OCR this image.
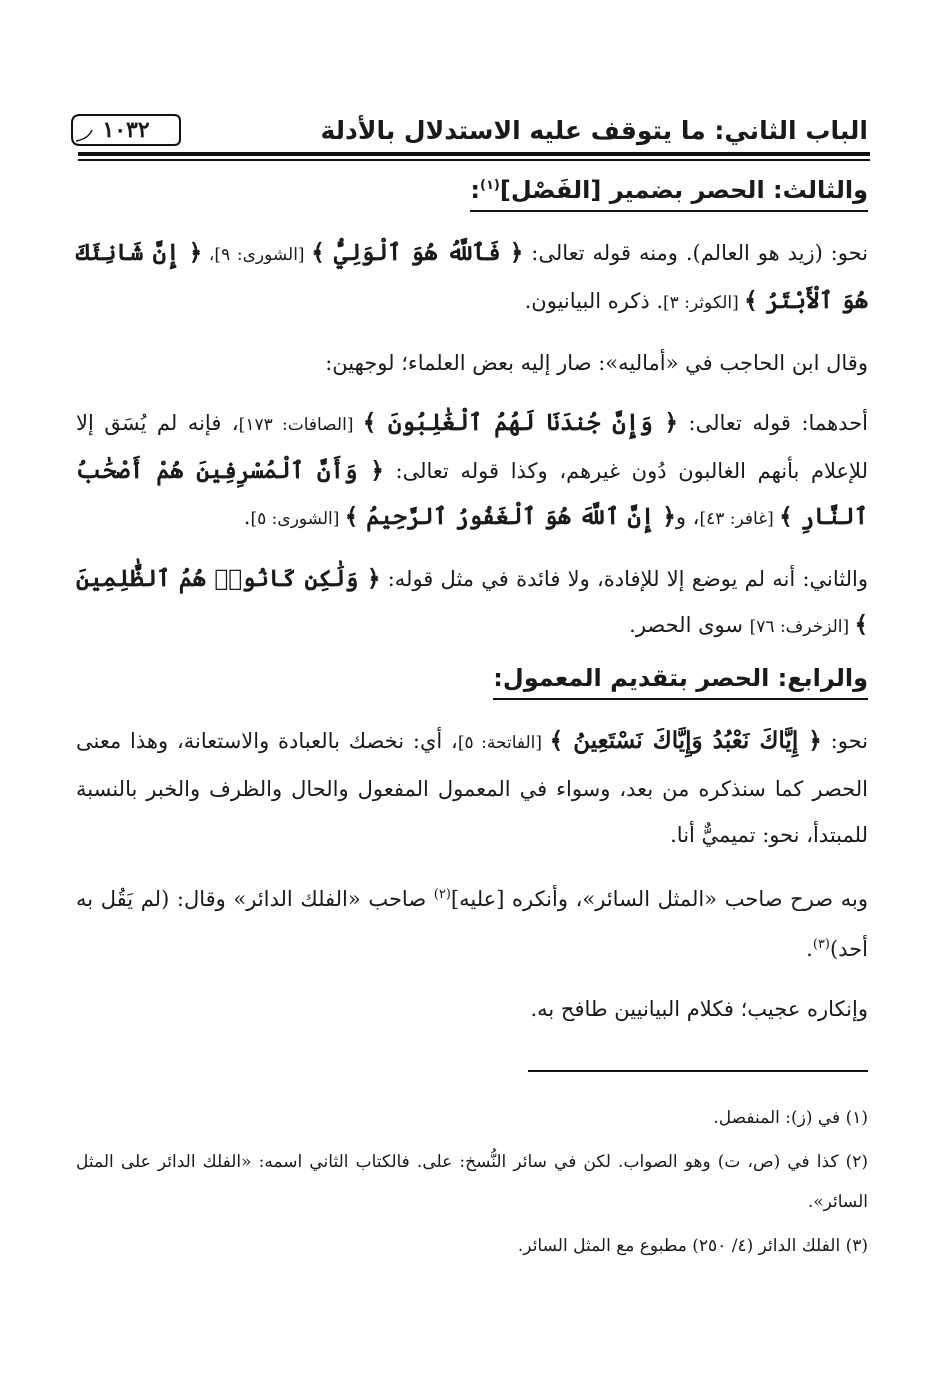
الباب الثاني: ما يتوقف عليه الاستدلال بالأدلة
١٠٣٢
والثالث: الحصر بضمير [الفَصْل]$^{(١)}$:

نحو: (زيد هو العالم). ومنه قوله تعالى: ﴿ فَٱللَّهُ هُوَ ٱلْوَلِيُّ ﴾ [الشورى: ٩]، ﴿ إِنَّ شَانِئَكَ هُوَ ٱلْأَبْتَرُ ﴾ [الكوثر: ٣]. ذكره البيانيون.

وقال ابن الحاجب في «أماليه»: صار إليه بعض العلماء؛ لوجهين:

أحدهما: قوله تعالى: ﴿ وَإِنَّ جُندَنَا لَهُمُ ٱلْغَٰلِبُونَ ﴾ [الصافات: ١٧٣]، فإنه لم يُسَق إلا للإعلام بأنهم الغالبون دُون غيرهم، وكذا قوله تعالى: ﴿ وَأَنَّ ٱلْمُسْرِفِينَ هُمْ أَصْحَٰبُ ٱلنَّارِ ﴾ [غافر: ٤٣]، و﴿ إِنَّ ٱللَّهَ هُوَ ٱلْغَفُورُ ٱلرَّحِيمُ ﴾ [الشورى: ٥].

والثاني: أنه لم يوضع إلا للإفادة، ولا فائدة في مثل قوله: ﴿ وَلَٰكِن كَانُوا۟ هُمُ ٱلظَّٰلِمِينَ ﴾ [الزخرف: ٧٦] سوى الحصر.

والرابع: الحصر بتقديم المعمول:

نحو: ﴿ إِيَّاكَ نَعْبُدُ وَإِيَّاكَ نَسْتَعِينُ ﴾ [الفاتحة: ٥]، أي: نخصك بالعبادة والاستعانة، وهذا معنى الحصر كما سنذكره من بعد، وسواء في المعمول المفعول والحال والظرف والخبر بالنسبة للمبتدأ، نحو: تميميٌّ أنا.

وبه صرح صاحب «المثل السائر»، وأنكره [عليه]$^{(٢)}$ صاحب «الفلك الدائر» وقال: (لم يَقُل به أحد)$^{(٣)}$.

وإنكاره عجيب؛ فكلام البيانيين طافح به.

(١) في (ز): المنفصل.

(٢) كذا في (ص، ت) وهو الصواب. لكن في سائر النُّسخ: على. فالكتاب الثاني اسمه: «الفلك الدائر على المثل السائر».

(٣) الفلك الدائر (٤/ ٢٥٠) مطبوع مع المثل السائر.
